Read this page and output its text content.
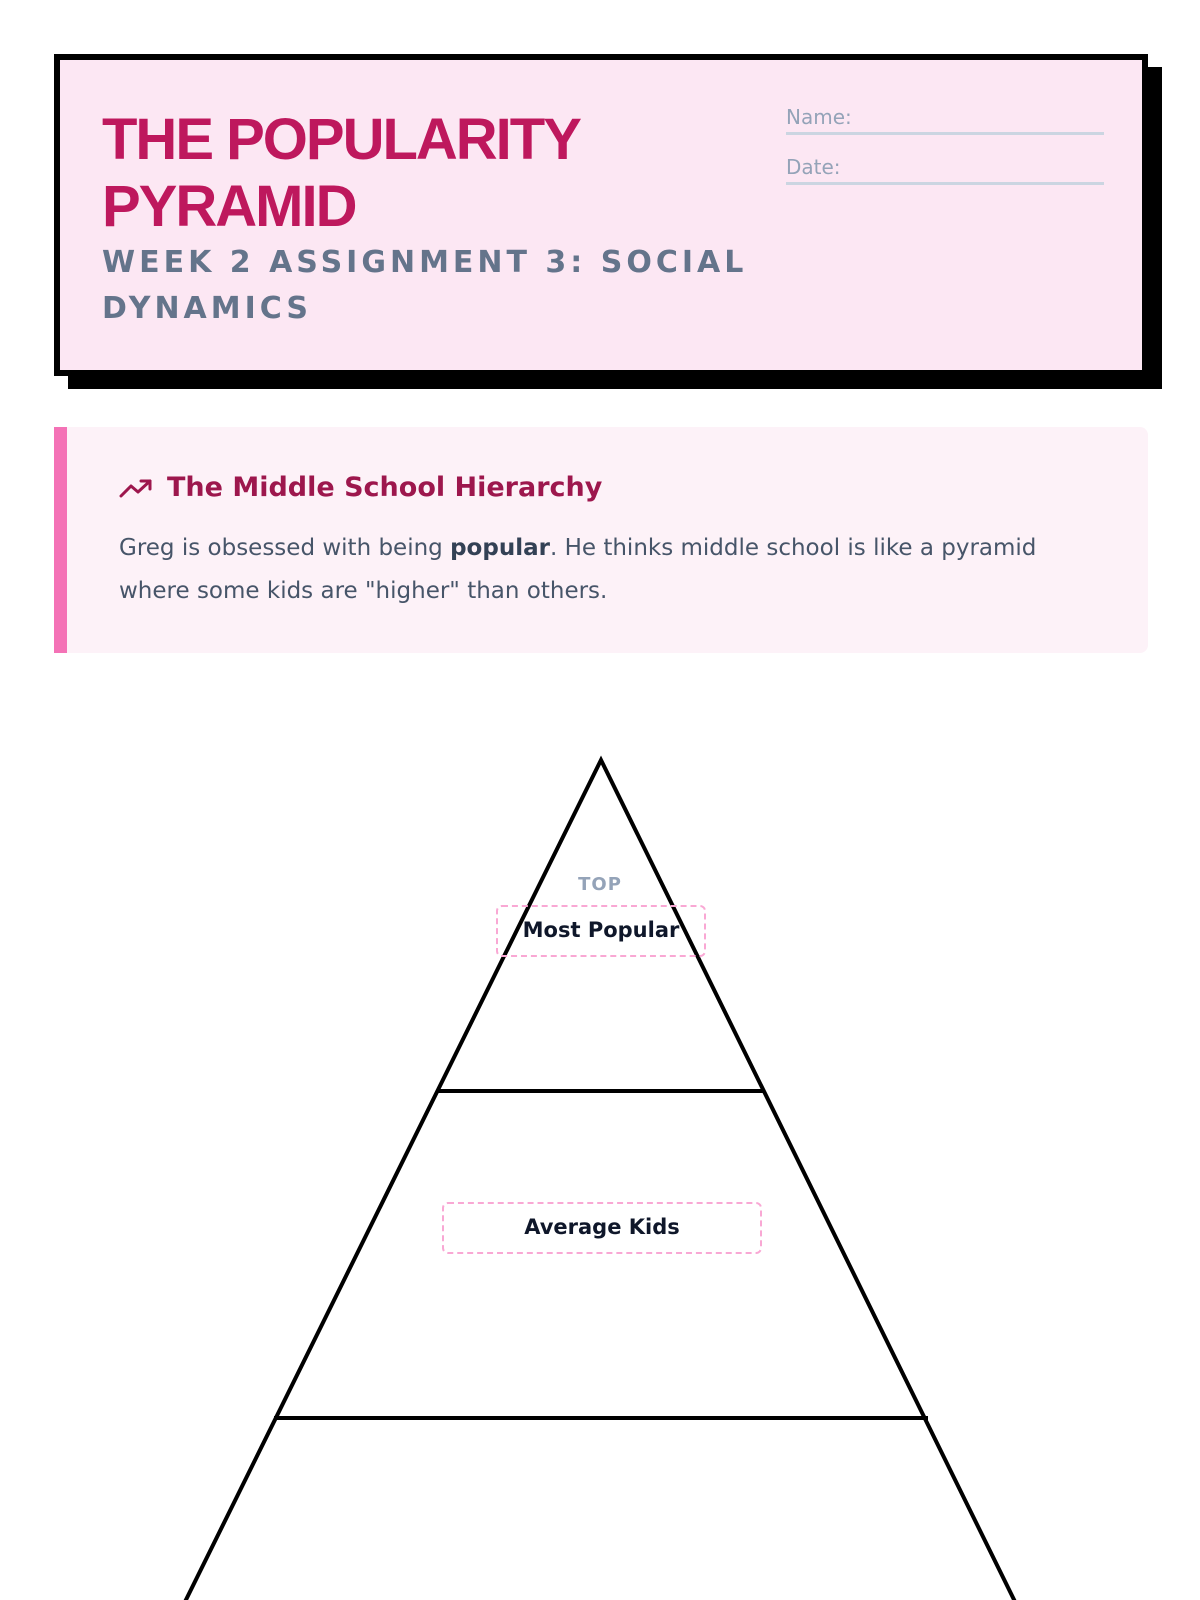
THE POPULARITY PYRAMID
WEEK 2 ASSIGNMENT 3: SOCIAL DYNAMICS
Name:
Date:
The Middle School Hierarchy

Greg is obsessed with being popular. He thinks middle school is like a pyramid where some kids are "higher" than others.

TOP
Most Popular
Average Kids
